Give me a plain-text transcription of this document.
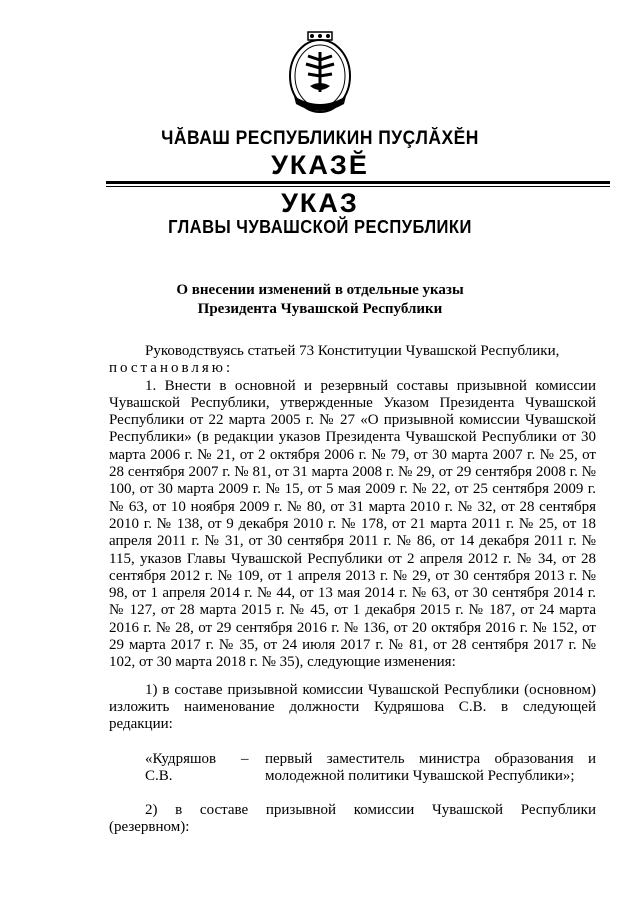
ЧĂВАШ РЕСПУБЛИКИН ПУÇЛĂХĔН
УКАЗĔ
УКАЗ
ГЛАВЫ ЧУВАШСКОЙ РЕСПУБЛИКИ
О внесении изменений в отдельные указы
Президента Чувашской Республики

Руководствуясь статьей 73 Конституции Чувашской Республики,

постановляю:

1. Внести в основной и резервный составы призывной комиссии Чувашской Республики, утвержденные Указом Президента Чувашской Республики от 22 марта 2005 г. № 27 «О призывной комиссии Чувашской Республики» (в редакции указов Президента Чувашской Республики от 30 марта 2006 г. № 21, от 2 октября 2006 г. № 79, от 30 марта 2007 г. № 25, от 28 сентября 2007 г. № 81, от 31 марта 2008 г. № 29, от 29 сентября 2008 г. № 100, от 30 марта 2009 г. № 15, от 5 мая 2009 г. № 22, от 25 сентября 2009 г. № 63, от 10 ноября 2009 г. № 80, от 31 марта 2010 г. № 32, от 28 сентября 2010 г. № 138, от 9 декабря 2010 г. № 178, от 21 марта 2011 г. № 25, от 18 апреля 2011 г. № 31, от 30 сентября 2011 г. № 86, от 14 декабря 2011 г. № 115, указов Главы Чувашской Республики от 2 апреля 2012 г. № 34, от 28 сентября 2012 г. № 109, от 1 апреля 2013 г. № 29, от 30 сентября 2013 г. № 98, от 1 апреля 2014 г. № 44, от 13 мая 2014 г. № 63, от 30 сентября 2014 г. № 127, от 28 марта 2015 г. № 45, от 1 декабря 2015 г. № 187, от 24 марта 2016 г. № 28, от 29 сентября 2016 г. № 136, от 20 октября 2016 г. № 152, от 29 марта 2017 г. № 35, от 24 июля 2017 г. № 81, от 28 сентября 2017 г. № 102, от 30 марта 2018 г. № 35), следующие изменения:

1) в составе призывной комиссии Чувашской Республики (основном) изложить наименование должности Кудряшова С.В. в следующей редакции:

«Кудряшов С.В.
–	первый заместитель министра образования и молодежной политики Чувашской Республики»;

2) в составе призывной комиссии Чувашской Республики (резервном):
